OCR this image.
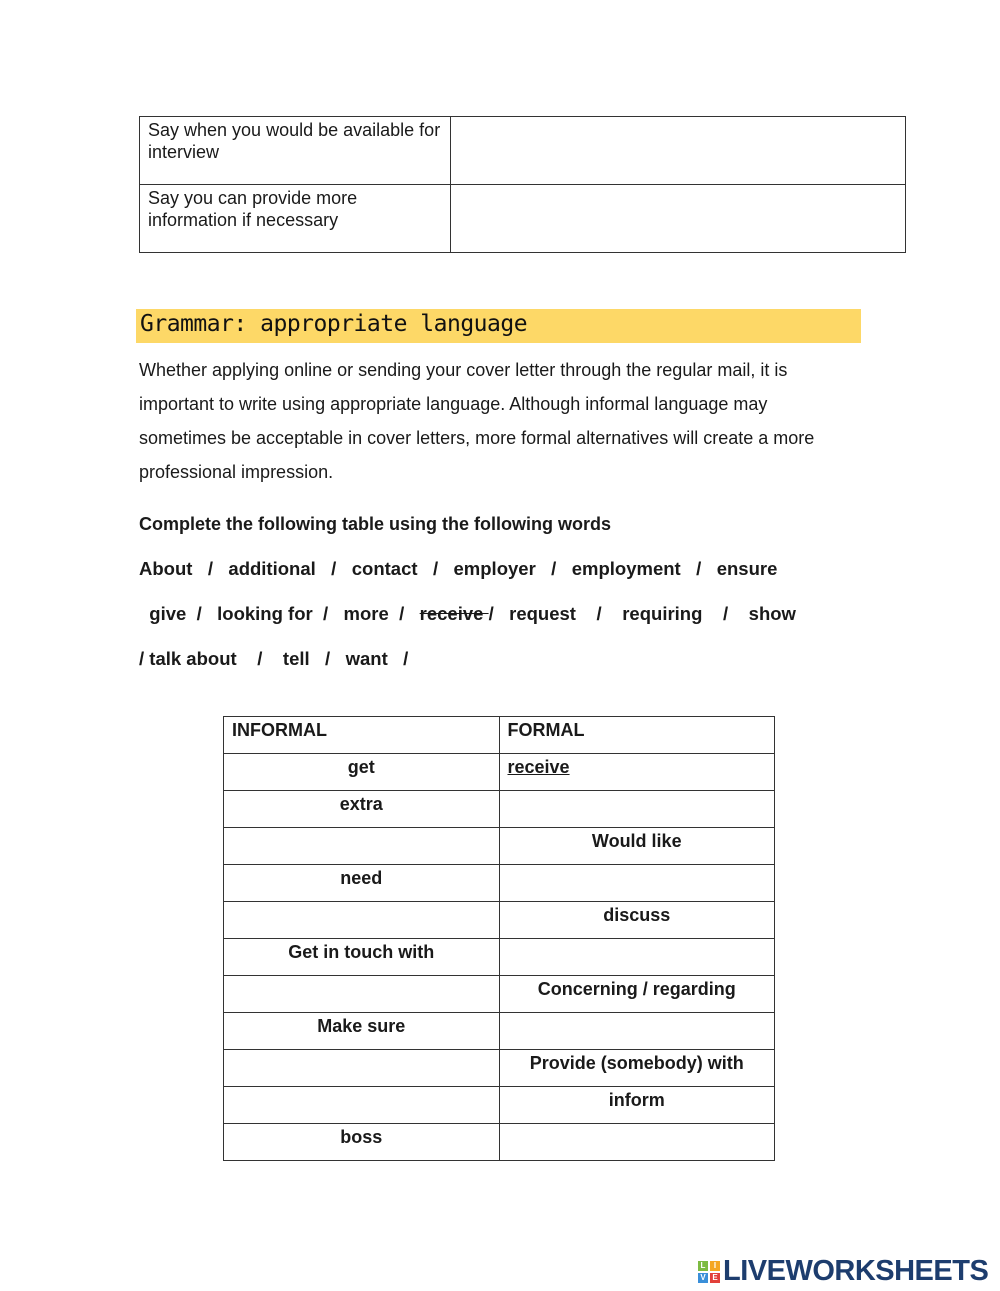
Say when you would be available for interview	
Say you can provide more information if necessary	
Grammar: appropriate language
Whether applying online or sending your cover letter through the regular mail, it is important to write using appropriate language. Although informal language may sometimes be acceptable in cover letters, more formal alternatives will create a more professional impression.
Complete the following table using the following words
About   /   additional   /   contact   /   employer   /   employment   /   ensure
give  /   looking for  /   more  /   receive /   request    /    requiring    /    show
/ talk about    /    tell   /   want   /
INFORMAL	FORMAL
get	receive
extra	
	Would like
need	
	discuss
Get in touch with	
	Concerning / regarding
Make sure	
	Provide (somebody) with
	inform
boss	
L	I
V E LIVEWORKSHEETS
